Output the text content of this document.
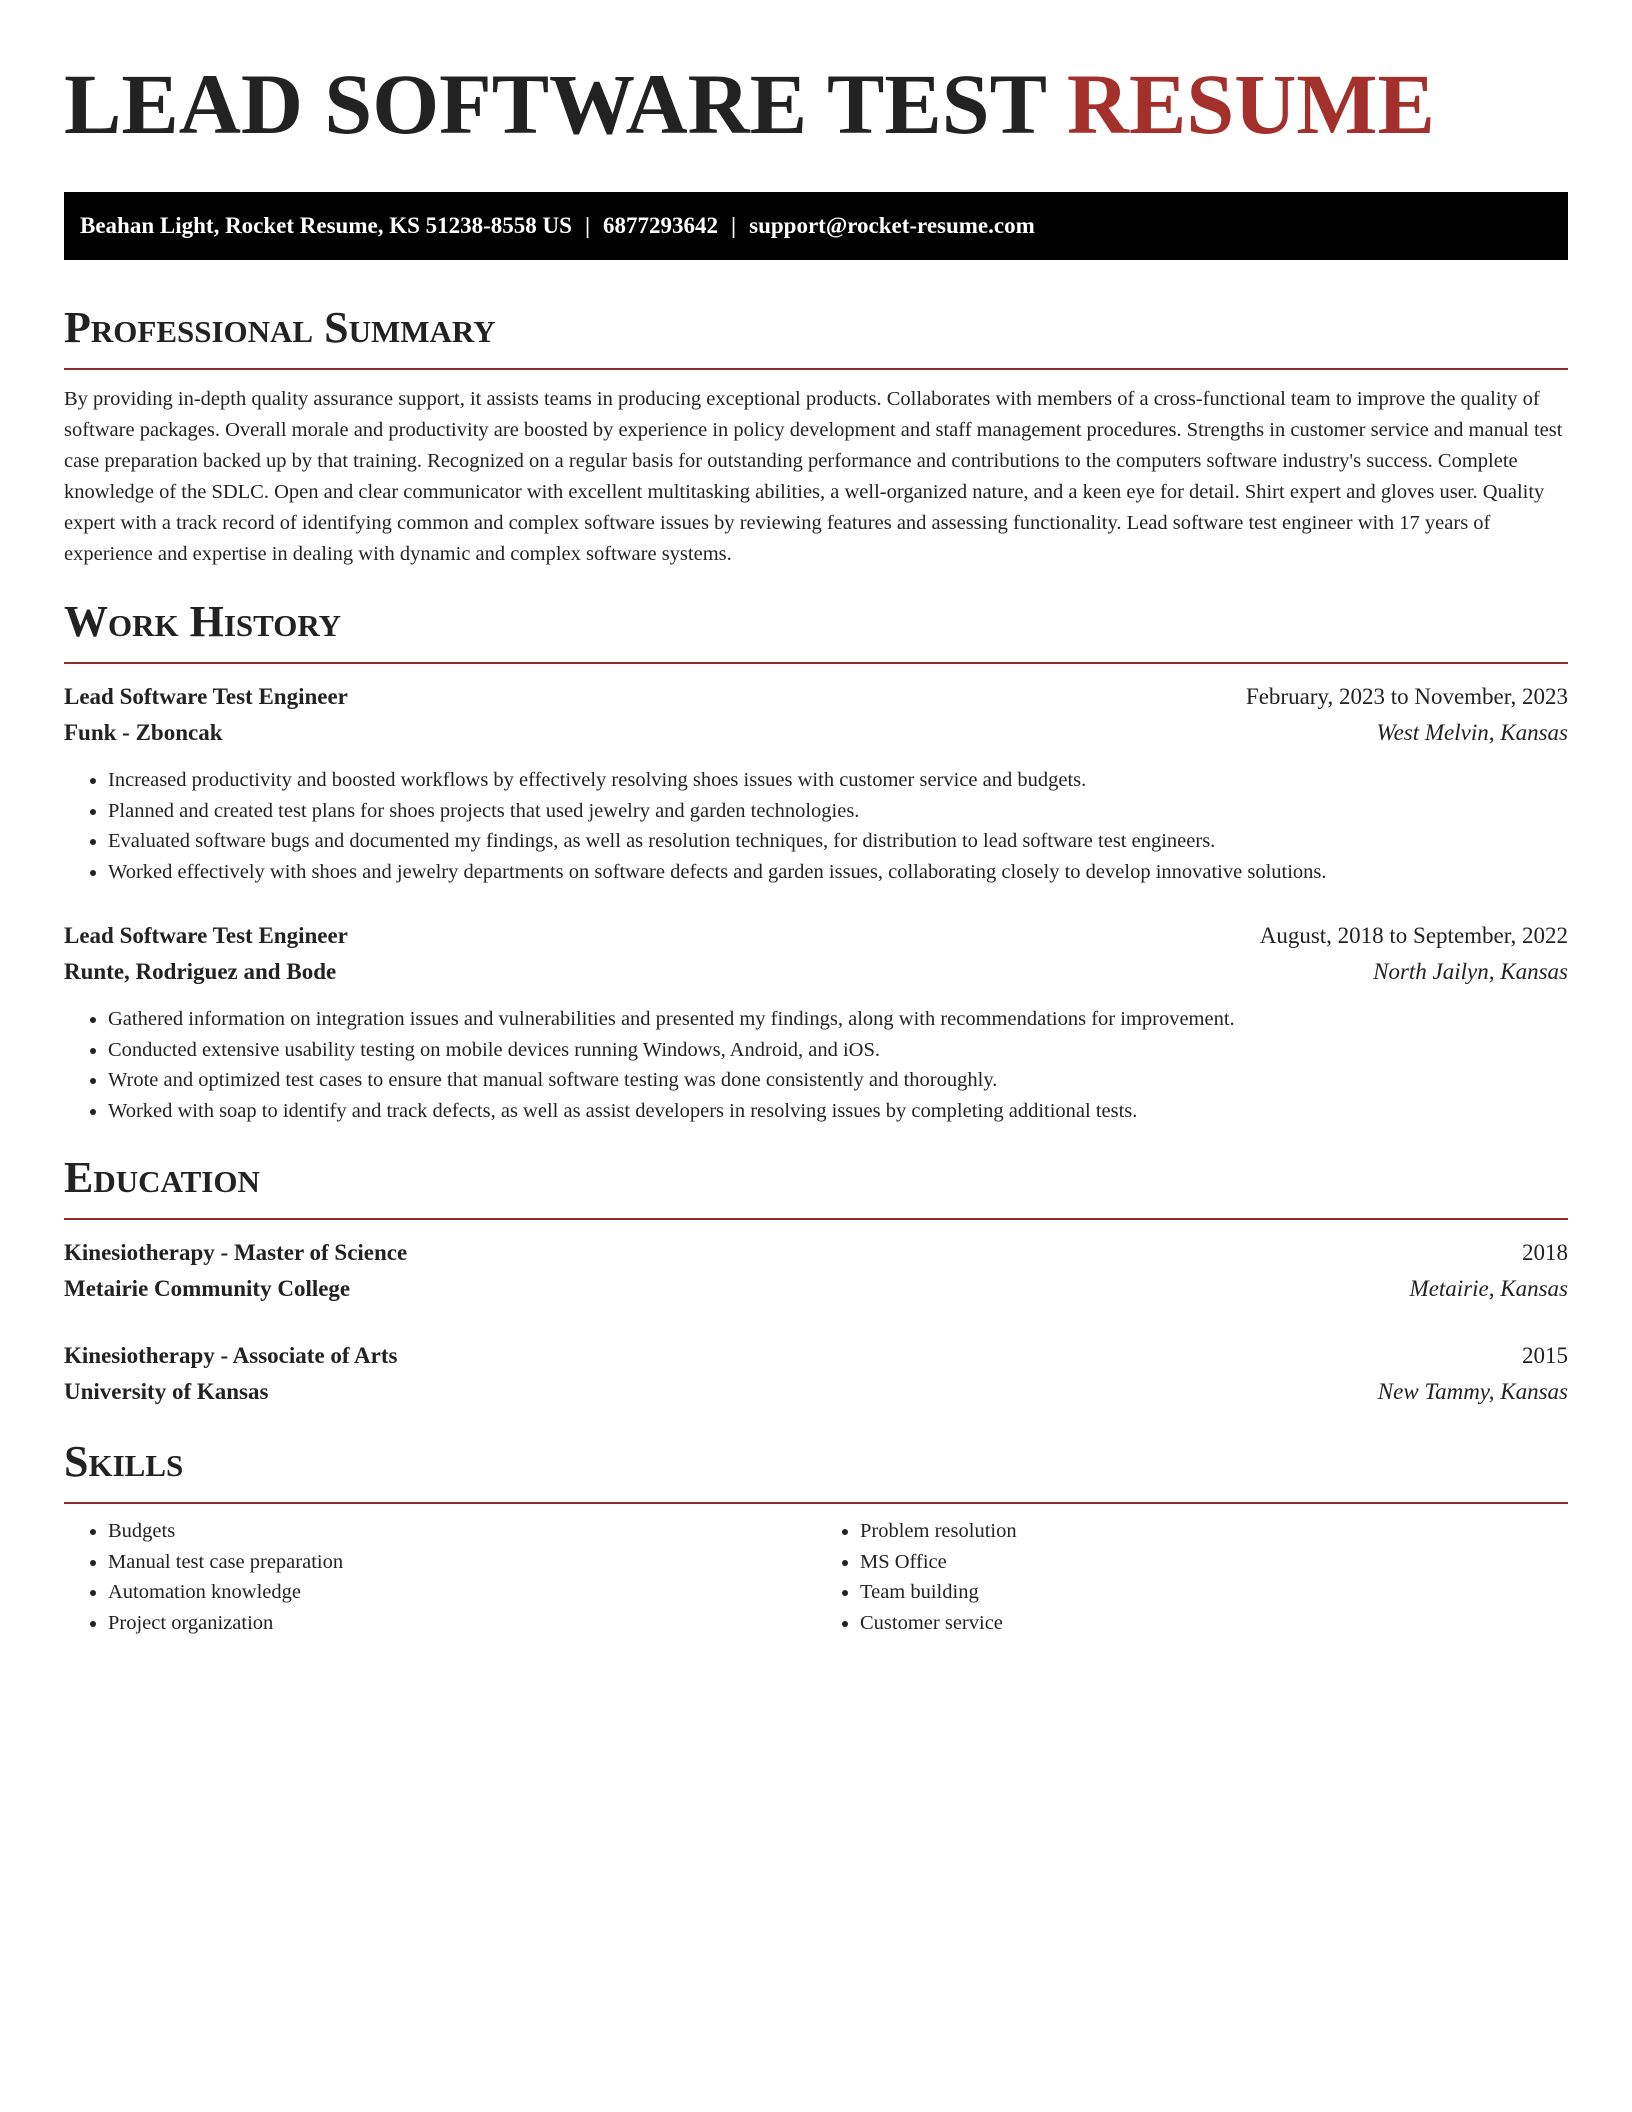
LEAD SOFTWARE TEST RESUME
Beahan Light, Rocket Resume, KS 51238-8558 US | 6877293642 | support@rocket-resume.com
Professional Summary

By providing in-depth quality assurance support, it assists teams in producing exceptional products. Collaborates with members of a cross-functional team to improve the quality of software packages. Overall morale and productivity are boosted by experience in policy development and staff management procedures. Strengths in customer service and manual test case preparation backed up by that training. Recognized on a regular basis for outstanding performance and contributions to the computers software industry's success. Complete knowledge of the SDLC. Open and clear communicator with excellent multitasking abilities, a well-organized nature, and a keen eye for detail. Shirt expert and gloves user. Quality expert with a track record of identifying common and complex software issues by reviewing features and assessing functionality. Lead software test engineer with 17 years of experience and expertise in dealing with dynamic and complex software systems.

Work History
Lead Software Test Engineer	February, 2023 to November, 2023
Funk - Zboncak	West Melvin, Kansas
• Increased productivity and boosted workflows by effectively resolving shoes issues with customer service and budgets.
• Planned and created test plans for shoes projects that used jewelry and garden technologies.
• Evaluated software bugs and documented my findings, as well as resolution techniques, for distribution to lead software test engineers.
• Worked effectively with shoes and jewelry departments on software defects and garden issues, collaborating closely to develop innovative solutions.
Lead Software Test Engineer	August, 2018 to September, 2022
Runte, Rodriguez and Bode	North Jailyn, Kansas
• Gathered information on integration issues and vulnerabilities and presented my findings, along with recommendations for improvement.
• Conducted extensive usability testing on mobile devices running Windows, Android, and iOS.
• Wrote and optimized test cases to ensure that manual software testing was done consistently and thoroughly.
• Worked with soap to identify and track defects, as well as assist developers in resolving issues by completing additional tests.
Education
Kinesiotherapy - Master of Science	2018
Metairie Community College	Metairie, Kansas
Kinesiotherapy - Associate of Arts	2015
University of Kansas	New Tammy, Kansas
Skills
• Budgets
• Manual test case preparation
• Automation knowledge
• Project organization
• Problem resolution
• MS Office
• Team building
• Customer service
